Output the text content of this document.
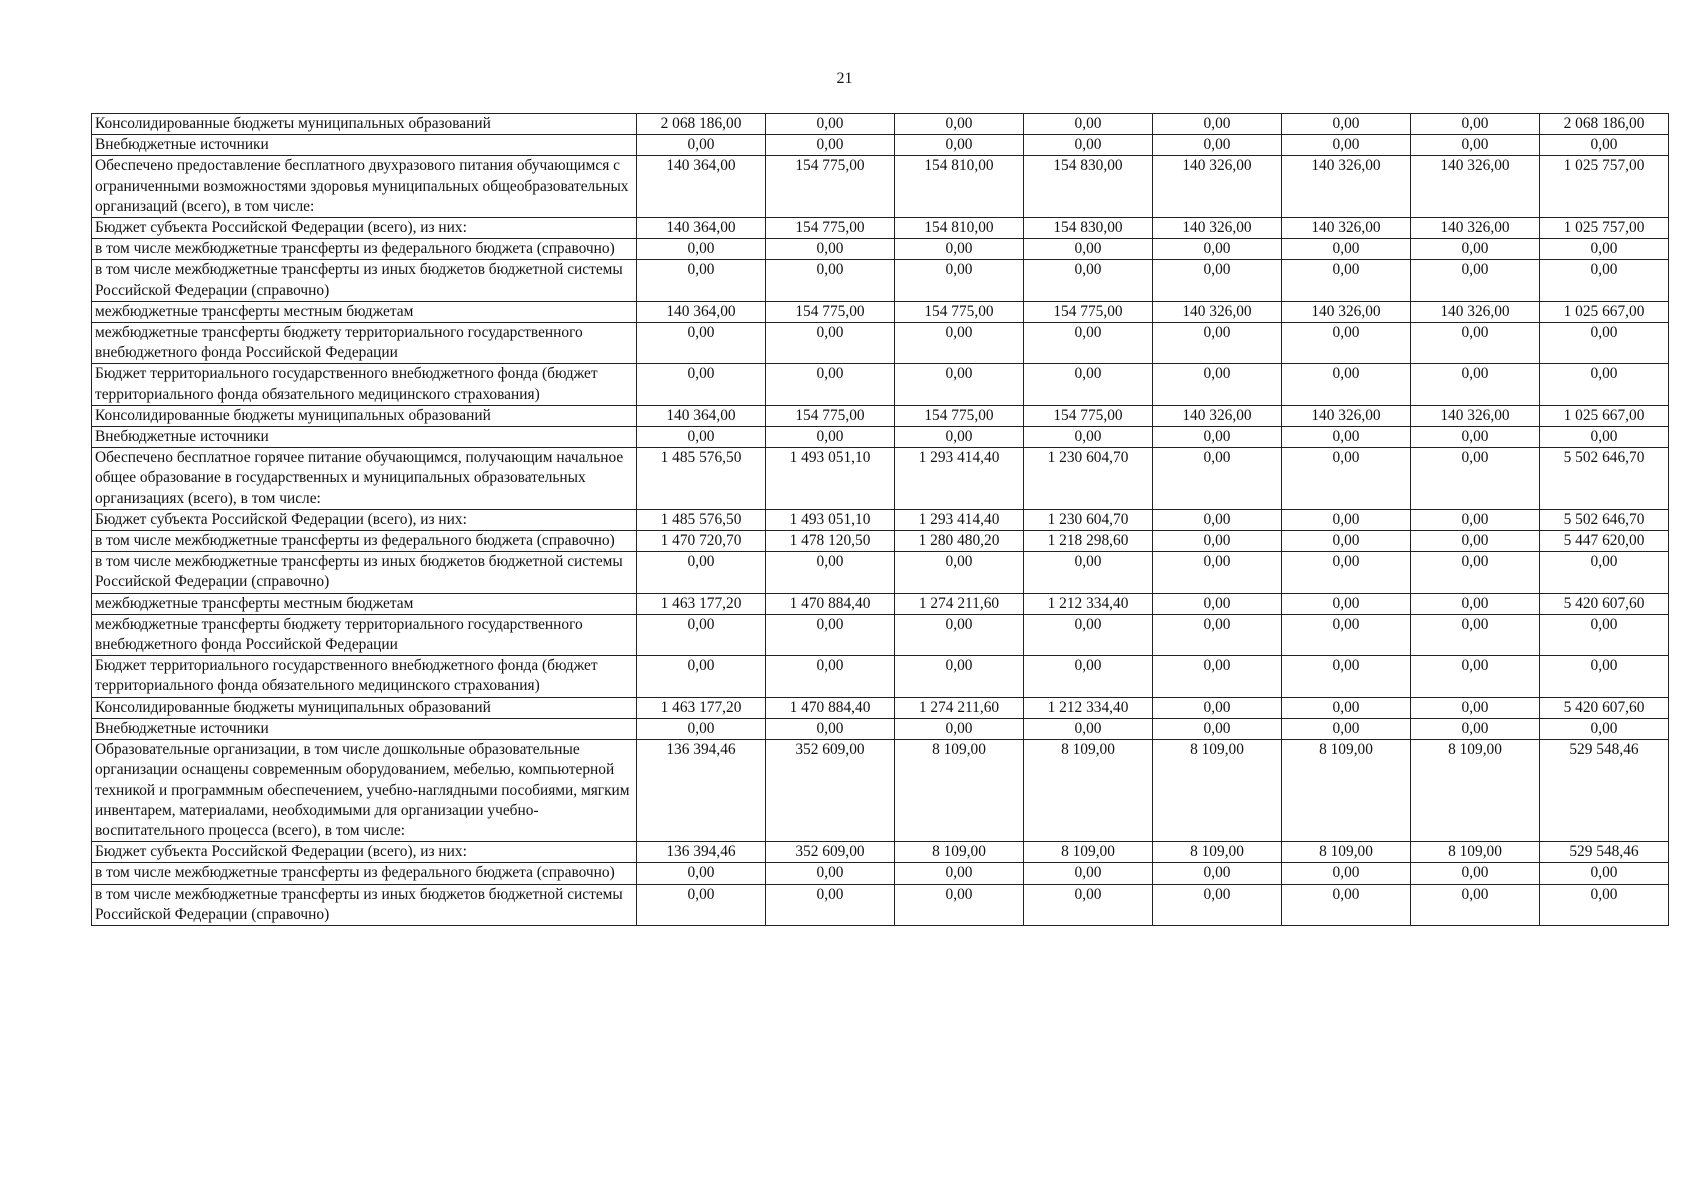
21
Консолидированные бюджеты муниципальных образований	2 068 186,00	0,00	0,00	0,00	0,00	0,00	0,00	2 068 186,00
Внебюджетные источники	0,00	0,00	0,00	0,00	0,00	0,00	0,00	0,00
Обеспечено предоставление бесплатного двухразового питания обучающимся с ограниченными возможностями здоровья муниципальных общеобразовательных организаций (всего), в том числе:	140 364,00	154 775,00	154 810,00	154 830,00	140 326,00	140 326,00	140 326,00	1 025 757,00
Бюджет субъекта Российской Федерации (всего), из них:	140 364,00	154 775,00	154 810,00	154 830,00	140 326,00	140 326,00	140 326,00	1 025 757,00
в том числе межбюджетные трансферты из федерального бюджета (справочно)	0,00	0,00	0,00	0,00	0,00	0,00	0,00	0,00
в том числе межбюджетные трансферты из иных бюджетов бюджетной системы Российской Федерации (справочно)	0,00	0,00	0,00	0,00	0,00	0,00	0,00	0,00
межбюджетные трансферты местным бюджетам	140 364,00	154 775,00	154 775,00	154 775,00	140 326,00	140 326,00	140 326,00	1 025 667,00
межбюджетные трансферты бюджету территориального государственного внебюджетного фонда Российской Федерации	0,00	0,00	0,00	0,00	0,00	0,00	0,00	0,00
Бюджет территориального государственного внебюджетного фонда (бюджет территориального фонда обязательного медицинского страхования)	0,00	0,00	0,00	0,00	0,00	0,00	0,00	0,00
Консолидированные бюджеты муниципальных образований	140 364,00	154 775,00	154 775,00	154 775,00	140 326,00	140 326,00	140 326,00	1 025 667,00
Внебюджетные источники	0,00	0,00	0,00	0,00	0,00	0,00	0,00	0,00
Обеспечено бесплатное горячее питание обучающимся, получающим начальное общее образование в государственных и муниципальных образовательных организациях (всего), в том числе:	1 485 576,50	1 493 051,10	1 293 414,40	1 230 604,70	0,00	0,00	0,00	5 502 646,70
Бюджет субъекта Российской Федерации (всего), из них:	1 485 576,50	1 493 051,10	1 293 414,40	1 230 604,70	0,00	0,00	0,00	5 502 646,70
в том числе межбюджетные трансферты из федерального бюджета (справочно)	1 470 720,70	1 478 120,50	1 280 480,20	1 218 298,60	0,00	0,00	0,00	5 447 620,00
в том числе межбюджетные трансферты из иных бюджетов бюджетной системы Российской Федерации (справочно)	0,00	0,00	0,00	0,00	0,00	0,00	0,00	0,00
межбюджетные трансферты местным бюджетам	1 463 177,20	1 470 884,40	1 274 211,60	1 212 334,40	0,00	0,00	0,00	5 420 607,60
межбюджетные трансферты бюджету территориального государственного внебюджетного фонда Российской Федерации	0,00	0,00	0,00	0,00	0,00	0,00	0,00	0,00
Бюджет территориального государственного внебюджетного фонда (бюджет территориального фонда обязательного медицинского страхования)	0,00	0,00	0,00	0,00	0,00	0,00	0,00	0,00
Консолидированные бюджеты муниципальных образований	1 463 177,20	1 470 884,40	1 274 211,60	1 212 334,40	0,00	0,00	0,00	5 420 607,60
Внебюджетные источники	0,00	0,00	0,00	0,00	0,00	0,00	0,00	0,00
Образовательные организации, в том числе дошкольные образовательные организации оснащены современным оборудованием, мебелью, компьютерной техникой и программным обеспечением, учебно-наглядными пособиями, мягким инвентарем, материалами, необходимыми для организации учебно-воспитательного процесса (всего), в том числе:	136 394,46	352 609,00	8 109,00	8 109,00	8 109,00	8 109,00	8 109,00	529 548,46
Бюджет субъекта Российской Федерации (всего), из них:	136 394,46	352 609,00	8 109,00	8 109,00	8 109,00	8 109,00	8 109,00	529 548,46
в том числе межбюджетные трансферты из федерального бюджета (справочно)	0,00	0,00	0,00	0,00	0,00	0,00	0,00	0,00
в том числе межбюджетные трансферты из иных бюджетов бюджетной системы Российской Федерации (справочно)	0,00	0,00	0,00	0,00	0,00	0,00	0,00	0,00
